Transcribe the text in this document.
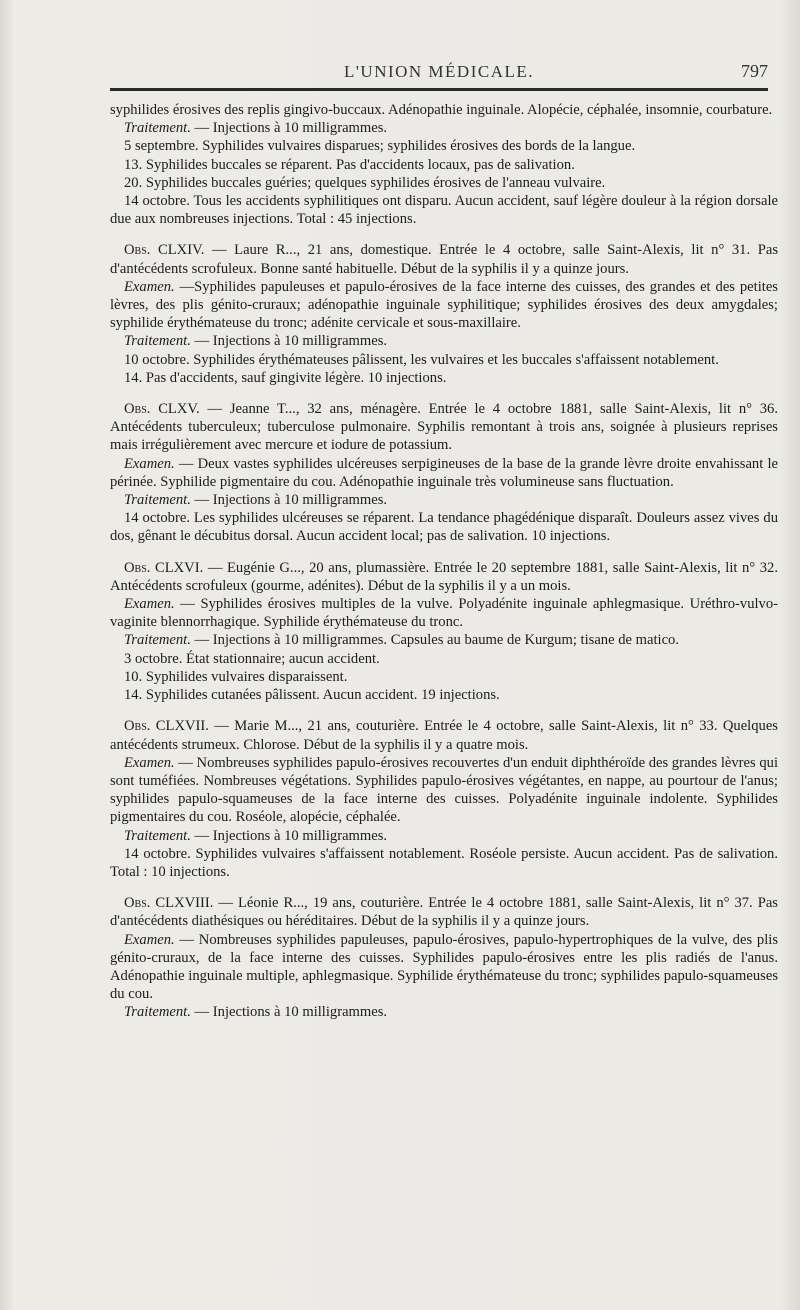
L'UNION MÉDICALE.	797

syphilides érosives des replis gingivo-buccaux. Adénopathie inguinale. Alopécie, céphalée, insomnie, courbature.

Traitement. — Injections à 10 milligrammes.

5 septembre. Syphilides vulvaires disparues; syphilides érosives des bords de la langue.

13. Syphilides buccales se réparent. Pas d'accidents locaux, pas de salivation.

20. Syphilides buccales guéries; quelques syphilides érosives de l'anneau vulvaire.

14 octobre. Tous les accidents syphilitiques ont disparu. Aucun accident, sauf légère douleur à la région dorsale due aux nombreuses injections. Total : 45 injections.

Obs. CLXIV. — Laure R..., 21 ans, domestique. Entrée le 4 octobre, salle Saint-Alexis, lit n° 31. Pas d'antécédents scrofuleux. Bonne santé habituelle. Début de la syphilis il y a quinze jours.

Examen. —Syphilides papuleuses et papulo-érosives de la face interne des cuisses, des grandes et des petites lèvres, des plis génito-cruraux; adénopathie inguinale syphilitique; syphilides érosives des deux amygdales; syphilide érythémateuse du tronc; adénite cervicale et sous-maxillaire.

Traitement. — Injections à 10 milligrammes.

10 octobre. Syphilides érythémateuses pâlissent, les vulvaires et les buccales s'affaissent notablement.

14. Pas d'accidents, sauf gingivite légère. 10 injections.

Obs. CLXV. — Jeanne T..., 32 ans, ménagère. Entrée le 4 octobre 1881, salle Saint-Alexis, lit n° 36. Antécédents tuberculeux; tuberculose pulmonaire. Syphilis remontant à trois ans, soignée à plusieurs reprises mais irrégulièrement avec mercure et iodure de potassium.

Examen. — Deux vastes syphilides ulcéreuses serpigineuses de la base de la grande lèvre droite envahissant le périnée. Syphilide pigmentaire du cou. Adénopathie inguinale très volumineuse sans fluctuation.

Traitement. — Injections à 10 milligrammes.

14 octobre. Les syphilides ulcéreuses se réparent. La tendance phagédénique disparaît. Douleurs assez vives du dos, gênant le décubitus dorsal. Aucun accident local; pas de salivation. 10 injections.

Obs. CLXVI. — Eugénie G..., 20 ans, plumassière. Entrée le 20 septembre 1881, salle Saint-Alexis, lit n° 32. Antécédents scrofuleux (gourme, adénites). Début de la syphilis il y a un mois.

Examen. — Syphilides érosives multiples de la vulve. Polyadénite inguinale aphlegmasique. Uréthro-vulvo-vaginite blennorrhagique. Syphilide érythémateuse du tronc.

Traitement. — Injections à 10 milligrammes. Capsules au baume de Kurgum; tisane de matico.

3 octobre. État stationnaire; aucun accident.

10. Syphilides vulvaires disparaissent.

14. Syphilides cutanées pâlissent. Aucun accident. 19 injections.

Obs. CLXVII. — Marie M..., 21 ans, couturière. Entrée le 4 octobre, salle Saint-Alexis, lit n° 33. Quelques antécédents strumeux. Chlorose. Début de la syphilis il y a quatre mois.

Examen. — Nombreuses syphilides papulo-érosives recouvertes d'un enduit diphthéroïde des grandes lèvres qui sont tuméfiées. Nombreuses végétations. Syphilides papulo-érosives végétantes, en nappe, au pourtour de l'anus; syphilides papulo-squameuses de la face interne des cuisses. Polyadénite inguinale indolente. Syphilides pigmentaires du cou. Roséole, alopécie, céphalée.

Traitement. — Injections à 10 milligrammes.

14 octobre. Syphilides vulvaires s'affaissent notablement. Roséole persiste. Aucun accident. Pas de salivation. Total : 10 injections.

Obs. CLXVIII. — Léonie R..., 19 ans, couturière. Entrée le 4 octobre 1881, salle Saint-Alexis, lit n° 37. Pas d'antécédents diathésiques ou héréditaires. Début de la syphilis il y a quinze jours.

Examen. — Nombreuses syphilides papuleuses, papulo-érosives, papulo-hypertrophiques de la vulve, des plis génito-cruraux, de la face interne des cuisses. Syphilides papulo-érosives entre les plis radiés de l'anus. Adénopathie inguinale multiple, aphlegmasique. Syphilide érythémateuse du tronc; syphilides papulo-squameuses du cou.

Traitement. — Injections à 10 milligrammes.
